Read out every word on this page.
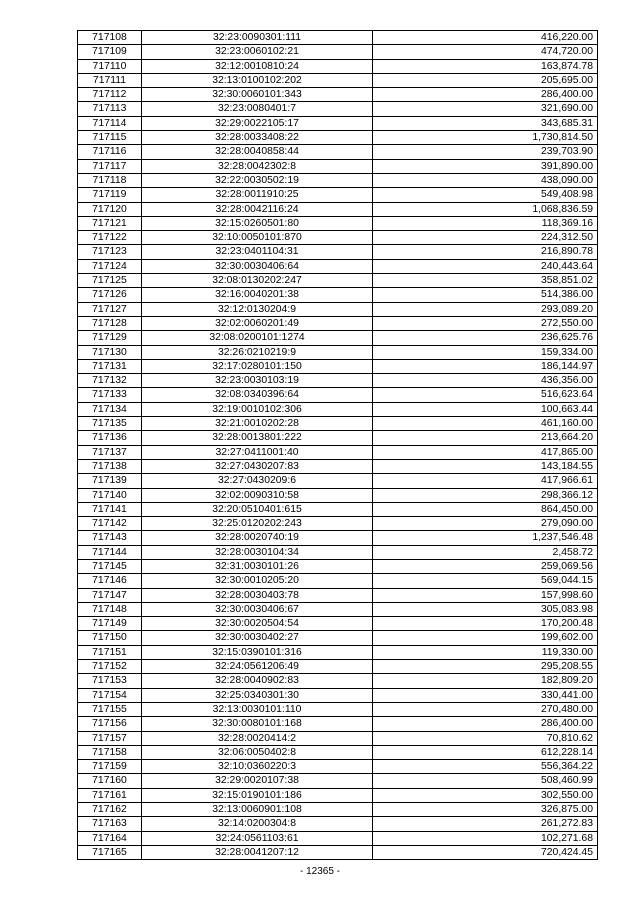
717108	32:23:0090301:111	416,220.00
717109	32:23:0060102:21	474,720.00
717110	32:12:0010810:24	163,874.78
717111	32:13:0100102:202	205,695.00
717112	32:30:0060101:343	286,400.00
717113	32:23:0080401:7	321,690.00
717114	32:29:0022105:17	343,685.31
717115	32:28:0033408:22	1,730,814.50
717116	32:28:0040858:44	239,703.90
717117	32:28:0042302:8	391,890.00
717118	32:22:0030502:19	438,090.00
717119	32:28:0011910:25	549,408.98
717120	32:28:0042116:24	1,068,836.59
717121	32:15:0260501:80	118,369.16
717122	32:10:0050101:870	224,312.50
717123	32:23:0401104:31	216,890.78
717124	32:30:0030406:64	240,443.64
717125	32:08:0130202:247	358,851.02
717126	32:16:0040201:38	514,386.00
717127	32:12:0130204:9	293,089.20
717128	32:02:0060201:49	272,550.00
717129	32:08:0200101:1274	236,625.76
717130	32:26:0210219:9	159,334.00
717131	32:17:0280101:150	186,144.97
717132	32:23:0030103:19	436,356.00
717133	32:08:0340396:64	516,623.64
717134	32:19:0010102:306	100,663.44
717135	32:21:0010202:28	461,160.00
717136	32:28:0013801:222	213,664.20
717137	32:27:0411001:40	417,865.00
717138	32:27:0430207:83	143,184.55
717139	32:27:0430209:6	417,966.61
717140	32:02:0090310:58	298,366.12
717141	32:20:0510401:615	864,450.00
717142	32:25:0120202:243	279,090.00
717143	32:28:0020740:19	1,237,546.48
717144	32:28:0030104:34	2,458.72
717145	32:31:0030101:26	259,069.56
717146	32:30:0010205:20	569,044.15
717147	32:28:0030403:78	157,998.60
717148	32:30:0030406:67	305,083.98
717149	32:30:0020504:54	170,200.48
717150	32:30:0030402:27	199,602.00
717151	32:15:0390101:316	119,330.00
717152	32:24:0561206:49	295,208.55
717153	32:28:0040902:83	182,809.20
717154	32:25:0340301:30	330,441.00
717155	32:13:0030101:110	270,480.00
717156	32:30:0080101:168	286,400.00
717157	32:28:0020414:2	70,810.62
717158	32:06:0050402:8	612,228.14
717159	32:10:0360220:3	556,364.22
717160	32:29:0020107:38	508,460.99
717161	32:15:0190101:186	302,550.00
717162	32:13:0060901:108	326,875.00
717163	32:14:0200304:8	261,272.83
717164	32:24:0561103:61	102,271.68
717165	32:28:0041207:12	720,424.45
- 12365 -
